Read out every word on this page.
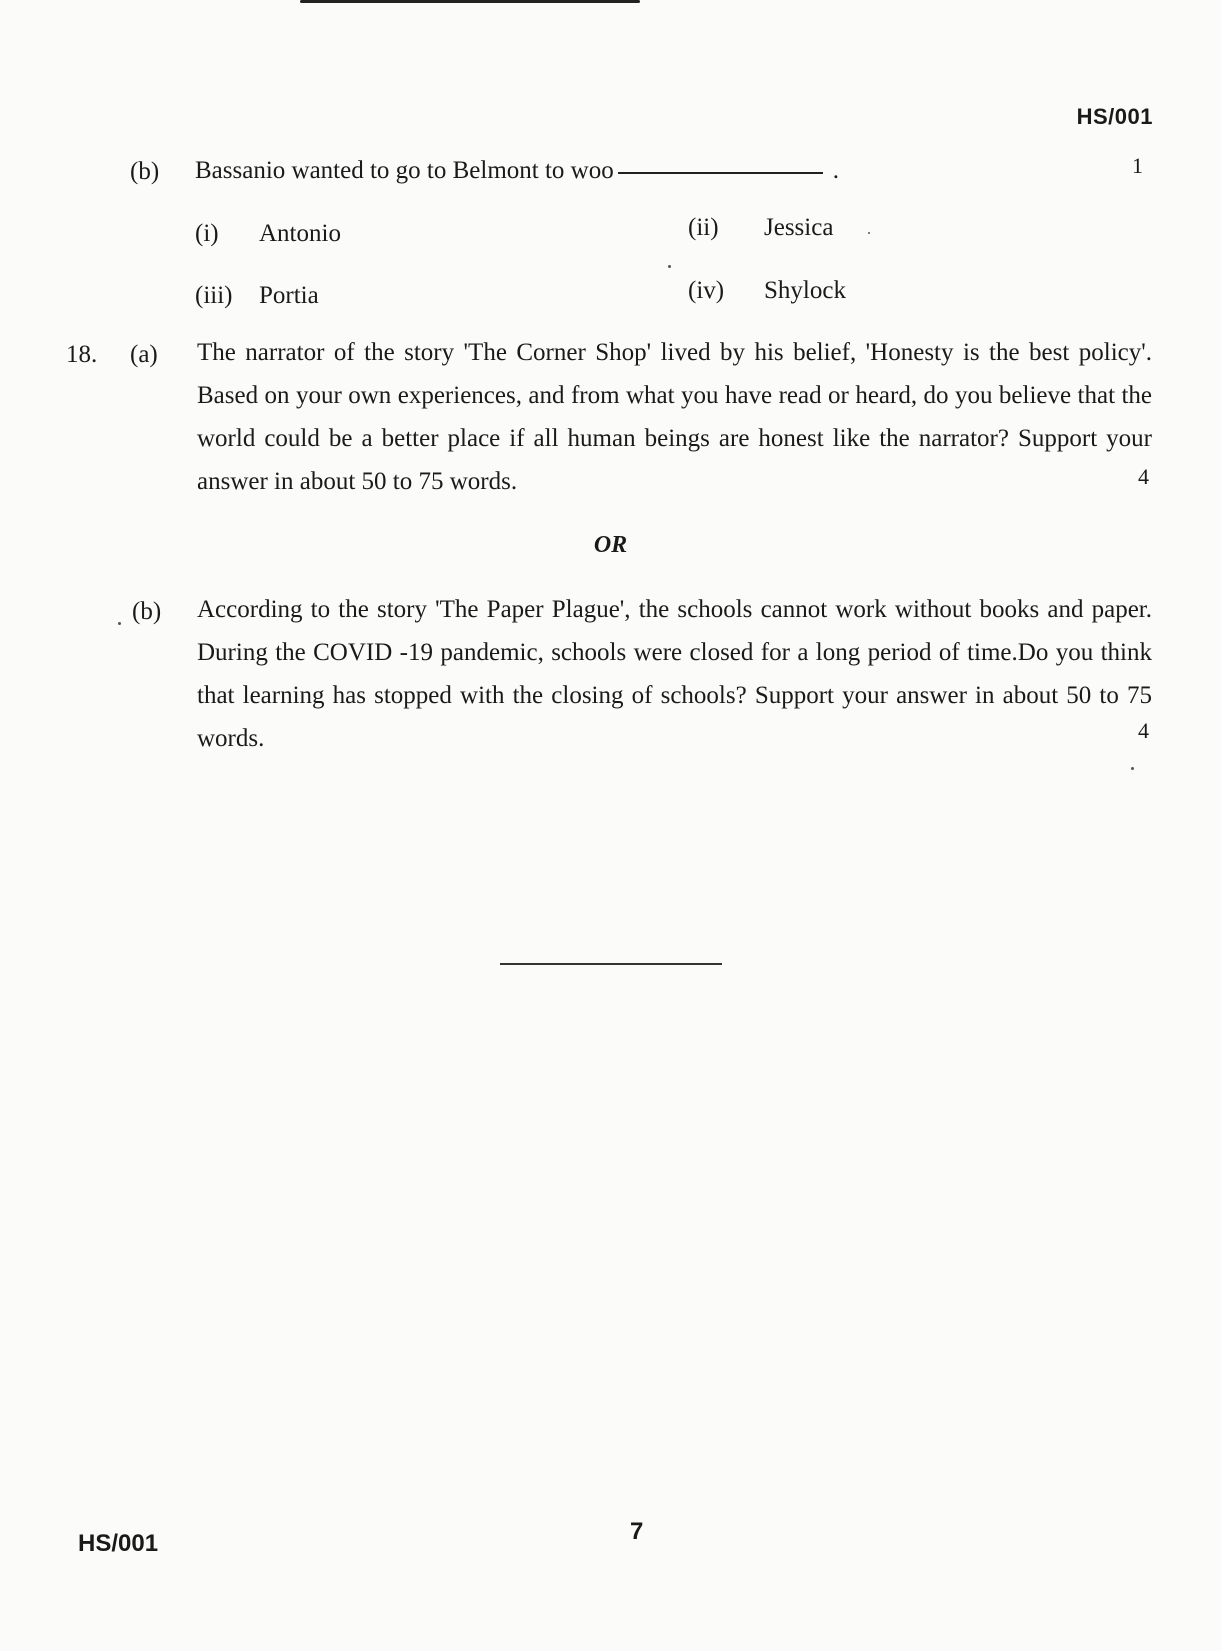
HS/001
(b) Bassanio wanted to go to Belmont to woo	.	1
(i) Antonio	(ii) Jessica
(iii) Portia	(iv) Shylock
18. (a) The narrator of the story 'The Corner Shop' lived by his belief, 'Honesty is the best policy'. Based on your own experiences, and from what you have read or heard, do you believe that the world could be a better place if all human beings are honest like the narrator? Support your answer in about 50 to 75 words.	4
OR
(b) According to the story 'The Paper Plague', the schools cannot work without books and paper. During the COVID -19 pandemic, schools were closed for a long period of time.Do you think that learning has stopped with the closing of schools? Support your answer in about 50 to 75 words.	4
HS/001	7
